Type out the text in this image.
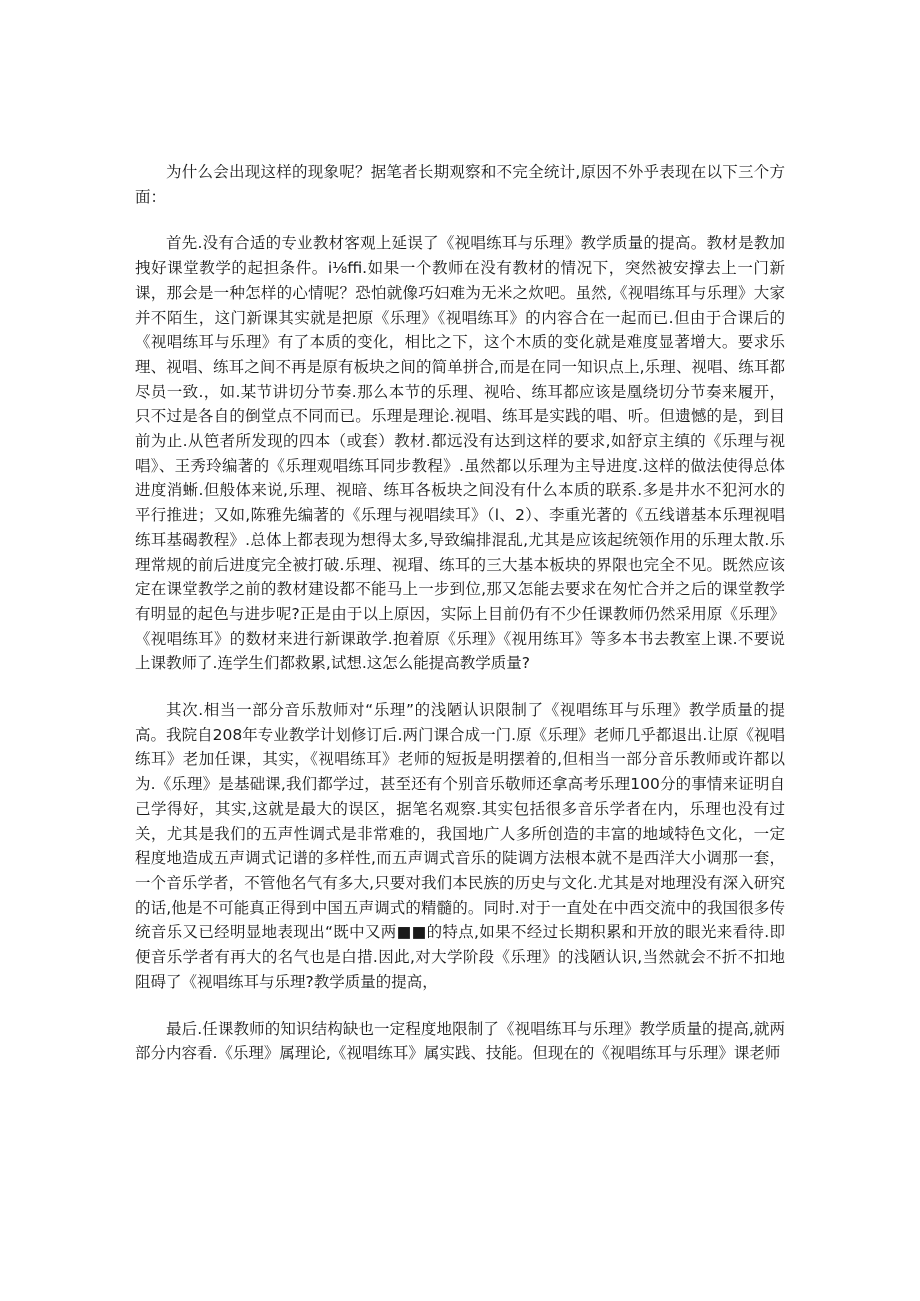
为什么会出现这样的现象呢？据笔者长期观察和不完全统计,原因不外乎表现在以下三个方面：

首先.没有合适的专业教材客观上延误了《视唱练耳与乐理》教学质量的提高。教材是教加拽好课堂教学的起担条件。i⅛ffi.如果一个教师在没有教材的情况下，突然被安撑去上一门新课，那会是一种怎样的心情呢？恐怕就像巧妇难为无米之炊吧。虽然,《视唱练耳与乐理》大家并不陌生，这门新课其实就是把原《乐理》《视唱练耳》的内容合在一起而已.但由于合课后的《视唱练耳与乐理》有了本质的变化，相比之下，这个木质的变化就是难度显著增大。要求乐理、视唱、练耳之间不再是原有板块之间的简单拼合,而是在同一知识点上,乐理、视唱、练耳都尽员一致.，如.某节讲切分节奏.那么本节的乐理、视哈、练耳都应该是凰绕切分节奏来履开，只不过是各自的倒堂点不同而已。乐理是理论.视唱、练耳是实践的唱、听。但遗憾的是，到目前为止.从笆者所发现的四本（或套）教材.都远没有达到这样的要求,如舒京主缜的《乐理与视唱》、王秀玲编著的《乐理观唱练耳同步教程》.虽然都以乐理为主导进度.这样的做法使得总体进度消蜥.但般体来说,乐理、视暗、练耳各板块之间没有什么本质的联系.多是井水不犯河水的平行推进；又如,陈雅先编著的《乐理与视唱续耳》（l、2）、李重光著的《五线谱基本乐理视唱练耳基碣教程》.总体上都表现为想得太多,导致编排混乱,尤其是应该起统领作用的乐理太散.乐理常规的前后进度完全被打破.乐理、视瑁、练耳的三大基本板块的界限也完全不见。既然应该定在课堂教学之前的教材建设都不能马上一步到位,那又怎能去要求在匆忙合并之后的课堂教学有明显的起色与进步呢?正是由于以上原因，实际上目前仍有不少任课教师仍然采用原《乐理》《视唱练耳》的数材来进行新课敢学.抱着原《乐理》《视用练耳》等多本书去教室上课.不要说上课教师了.连学生们都救累,试想.这怎么能提高教学质量?

其次.相当一部分音乐敖师对“乐理”的浅陋认识限制了《视唱练耳与乐理》教学质量的提高。我院自208年专业教学计划修订后.两门课合成一门.原《乐理》老师几乎都退出.让原《视唱练耳》老加任课，其实，《视唱练耳》老师的短扳是明摆着的,但相当一部分音乐教师或许都以为.《乐理》是基础课,我们都学过，甚至还有个别音乐敬师还拿高考乐理100分的事情来证明自己学得好，其实,这就是最大的误区，据笔名观察.其实包括很多音乐学者在内，乐理也没有过关，尤其是我们的五声性调式是非常难的，我国地广人多所创造的丰富的地域特色文化，一定程度地造成五声调式记谱的多样性,而五声调式音乐的陡调方法根本就不是西洋大小调那一套，一个音乐学者，不管他名气有多大,只要对我们本民族的历史与文化.尤其是对地理没有深入研究的话,他是不可能真正得到中国五声调式的精髓的。同时.对于一直处在中西交流中的我国很多传统音乐又已经明显地表现出“既中又两■■的特点,如果不经过长期积累和开放的眼光来看待.即便音乐学者有再大的名气也是白措.因此,对大学阶段《乐理》的浅陋认识,当然就会不折不扣地阻碍了《视唱练耳与乐理?教学质量的提高，

最后.任课教师的知识结构缺也一定程度地限制了《视唱练耳与乐理》教学质量的提高,就两部分内容看.《乐理》属理论,《视唱练耳》属实践、技能。但现在的《视唱练耳与乐理》课老师
